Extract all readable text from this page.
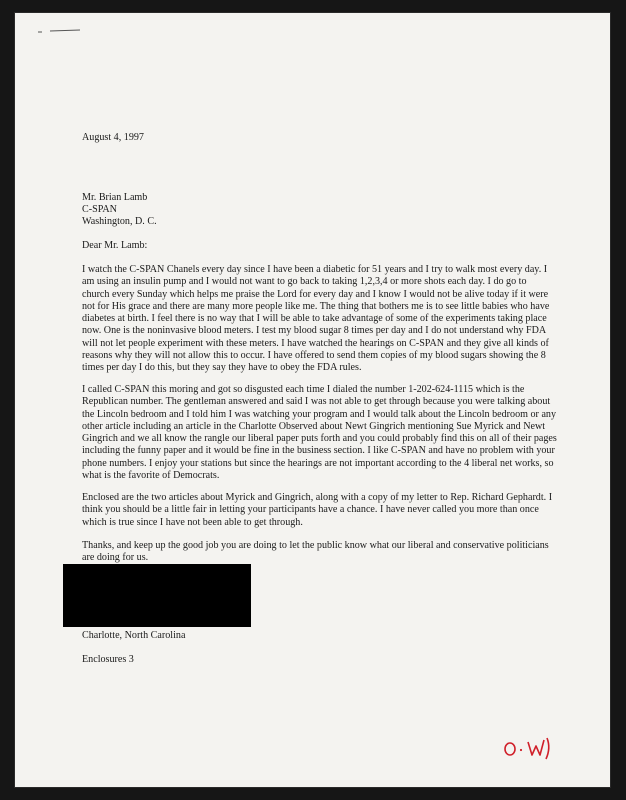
August 4, 1997
Mr. Brian Lamb
C-SPAN
Washington, D. C.
Dear Mr. Lamb:
I watch the C-SPAN Chanels every day since I have been a diabetic for 51 years and I try to walk most every day. I
am using an insulin pump and I would not want to go back to taking 1,2,3,4 or more shots each day. I do go to
church every Sunday which helps me praise the Lord for every day and I know I would not be alive today if it were
not for His grace and there are many more people like me. The thing that bothers me is to see little babies who have
diabetes at birth. I feel there is no way that I will be able to take advantage of some of the experiments taking place
now. One is the noninvasive blood meters. I test my blood sugar 8 times per day and I do not understand why FDA
will not let people experiment with these meters. I have watched the hearings on C-SPAN and they give all kinds of
reasons why they will not allow this to occur. I have offered to send them copies of my blood sugars showing the 8
times per day I do this, but they say they have to obey the FDA rules.
I called C-SPAN this moring and got so disgusted each time I dialed the number 1-202-624-1115 which is the
Republican number. The gentleman answered and said I was not able to get through because you were talking about
the Lincoln bedroom and I told him I was watching your program and I would talk about the Lincoln bedroom or any
other article including an article in the Charlotte Observed about Newt Gingrich mentioning Sue Myrick and Newt
Gingrich and we all know the rangle our liberal paper puts forth and you could probably find this on all of their pages
including the funny paper and it would be fine in the business section. I like C-SPAN and have no problem with your
phone numbers. I enjoy your stations but since the hearings are not important according to the 4 liberal net works, so
what is the favorite of Democrats.
Enclosed are the two articles about Myrick and Gingrich, along with a copy of my letter to Rep. Richard Gephardt. I
think you should be a little fair in letting your participants have a chance. I have never called you more than once
which is true since I have not been able to get through.
Thanks, and keep up the good job you are doing to let the public know what our liberal and conservative politicians
are doing for us.
Charlotte, North Carolina
Enclosures 3
